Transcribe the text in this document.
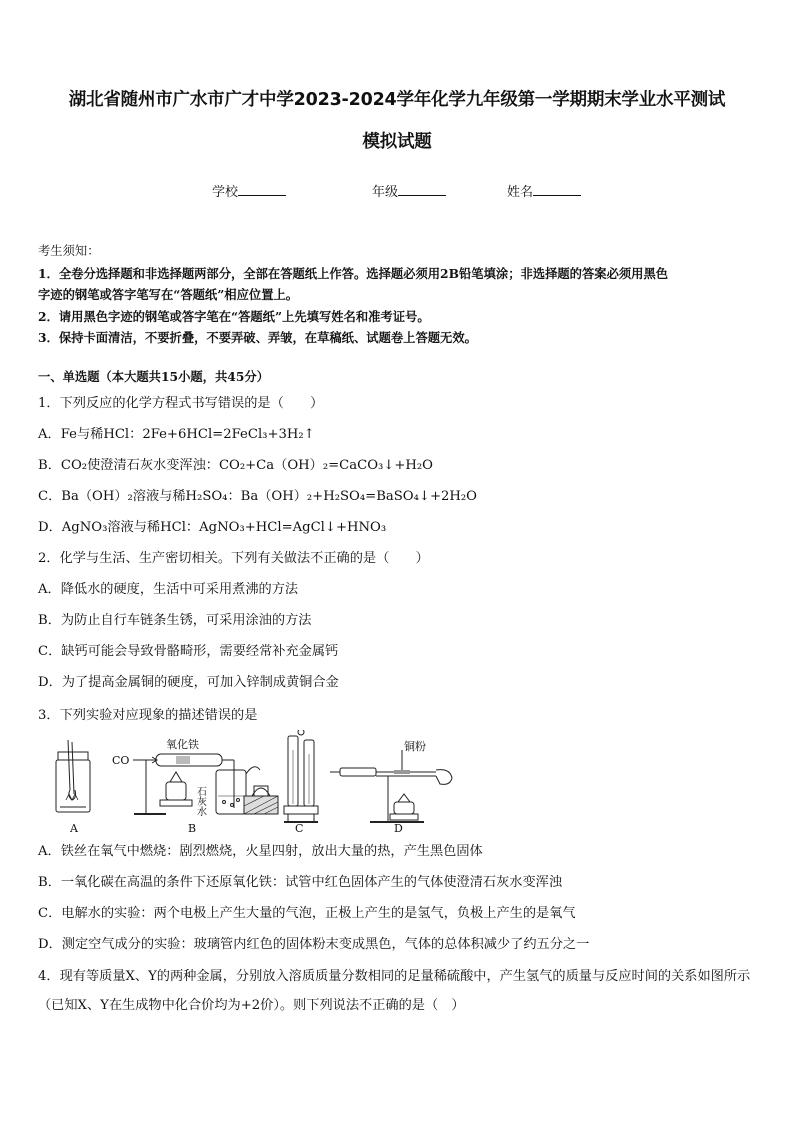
湖北省随州市广水市广才中学2023-2024学年化学九年级第一学期期末学业水平测试
模拟试题
学校	年级	姓名

考生须知：

1．全卷分选择题和非选择题两部分，全部在答题纸上作答。选择题必须用2B铅笔填涂；非选择题的答案必须用黑色

字迹的钢笔或答字笔写在“答题纸”相应位置上。

2．请用黑色字迹的钢笔或答字笔在“答题纸”上先填写姓名和准考证号。

3．保持卡面清洁，不要折叠，不要弄破、弄皱，在草稿纸、试题卷上答题无效。

一、单选题（本大题共15小题，共45分）

1．下列反应的化学方程式书写错误的是（　　）

A．Fe与稀HCl：2Fe+6HCl=2FeCl₃+3H₂↑

B．CO₂使澄清石灰水变浑浊：CO₂+Ca（OH）₂=CaCO₃↓+H₂O

C．Ba（OH）₂溶液与稀H₂SO₄：Ba（OH）₂+H₂SO₄=BaSO₄↓+2H₂O

D．AgNO₃溶液与稀HCl：AgNO₃+HCl=AgCl↓+HNO₃

2．化学与生活、生产密切相关。下列有关做法不正确的是（　　）

A．降低水的硬度，生活中可采用煮沸的方法

B．为防止自行车链条生锈，可采用涂油的方法

C．缺钙可能会导致骨骼畸形，需要经常补充金属钙

D．为了提高金属铜的硬度，可加入锌制成黄铜合金

3．下列实验对应现象的描述错误的是

CO
氧化铁
石灰水
铜粉
A	B	C	D

A．铁丝在氧气中燃烧：剧烈燃烧，火星四射，放出大量的热，产生黑色固体

B．一氧化碳在高温的条件下还原氧化铁：试管中红色固体产生的气体使澄清石灰水变浑浊

C．电解水的实验：两个电极上产生大量的气泡，正极上产生的是氢气，负极上产生的是氧气

D．测定空气成分的实验：玻璃管内红色的固体粉末变成黑色，气体的总体积减少了约五分之一

4．现有等质量X、Y的两种金属，分别放入溶质质量分数相同的足量稀硫酸中，产生氢气的质量与反应时间的关系如图所示（已知X、Y在生成物中化合价均为+2价）。则下列说法不正确的是（　）
